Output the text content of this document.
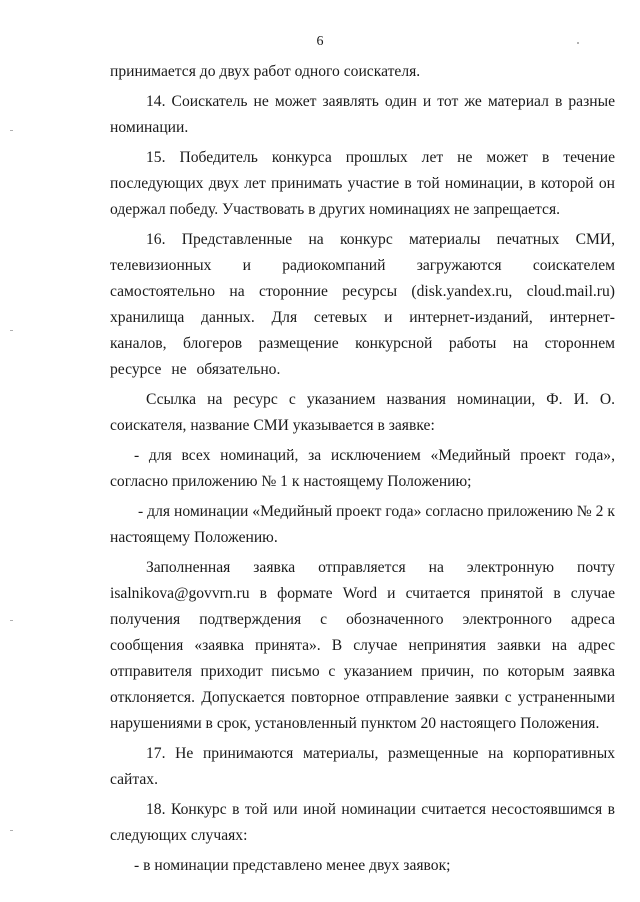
6

принимается до двух работ одного соискателя.

14. Соискатель не может заявлять один и тот же материал в разные номинации.

15. Победитель конкурса прошлых лет не может в течение последующих двух лет принимать участие в той номинации, в которой он одержал победу. Участвовать в других номинациях не запрещается.

16. Представленные на конкурс материалы печатных СМИ, телевизионных и радиокомпаний загружаются соискателем самостоятельно на сторонние ресурсы (disk.yandex.ru, cloud.mail.ru) хранилища данных. Для сетевых и интернет-изданий, интернет-каналов, блогеров размещение конкурсной работы на стороннем ресурсе не обязательно.

Ссылка на ресурс с указанием названия номинации, Ф. И. О. соискателя, название СМИ указывается в заявке:

- для всех номинаций, за исключением «Медийный проект года», согласно приложению № 1 к настоящему Положению;

- для номинации «Медийный проект года» согласно приложению № 2 к настоящему Положению.

Заполненная заявка отправляется на электронную почту isalnikova@govvrn.ru в формате Word и считается принятой в случае получения подтверждения с обозначенного электронного адреса сообщения «заявка принята». В случае непринятия заявки на адрес отправителя приходит письмо с указанием причин, по которым заявка отклоняется. Допускается повторное отправление заявки с устраненными нарушениями в срок, установленный пунктом 20 настоящего Положения.

17. Не принимаются материалы, размещенные на корпоративных сайтах.

18. Конкурс в той или иной номинации считается несостоявшимся в следующих случаях:

- в номинации представлено менее двух заявок;
